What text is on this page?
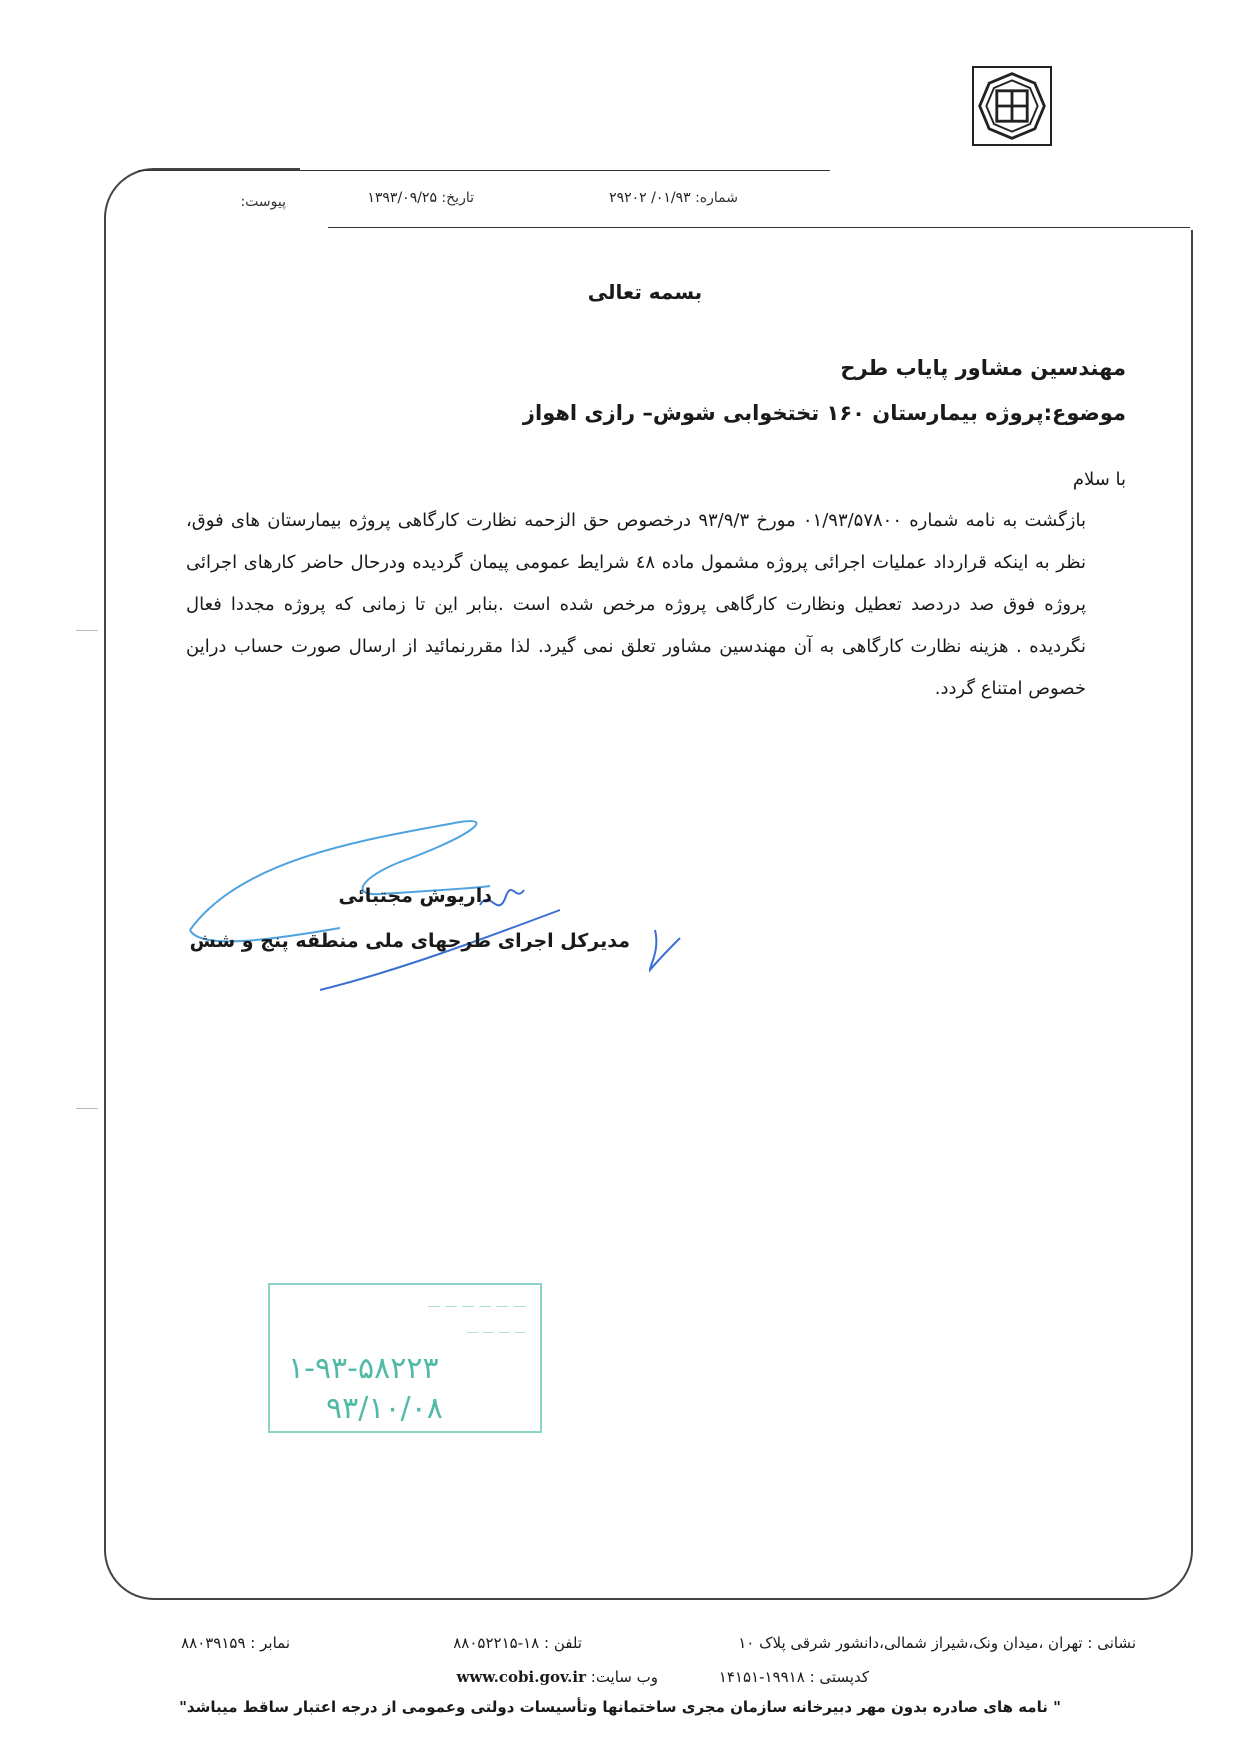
شماره: ۰۱/۹۳/ ۲۹۲۰۲
تاریخ: ۱۳۹۳/۰۹/۲۵
پیوست:
بسمه تعالی
مهندسین مشاور پایاب طرح
موضوع:پروژه بیمارستان ۱۶۰ تختخوابی شوش– رازی اهواز
با سلام
بازگشت به نامه شماره ۰۱/۹۳/۵۷۸۰۰ مورخ ۹۳/۹/۳ درخصوص حق الزحمه نظارت کارگاهی پروژه بیمارستان های فوق، نظر به اینکه قرارداد عملیات اجرائی پروژه مشمول ماده ٤٨ شرایط عمومی پیمان گردیده ودرحال حاضر کارهای اجرائی پروژه فوق صد دردصد تعطیل ونظارت کارگاهی پروژه مرخص شده است .بنابر این تا زمانی که پروژه مجددا فعال نگردیده . هزینه نظارت کارگاهی به آن مهندسین مشاور تعلق نمی گیرد. لذا مقررنمائید از ارسال صورت حساب دراین خصوص امتناع گردد.
داریوش مجتبائی
مدیرکل اجرای طرحهای ملی منطقه پنج و شش
— — — — — —
— — — —
۱-۹۳-۵۸۲۲۳
۹۳/۱۰/۰۸
نشانی : تهران ،میدان ونک،شیراز شمالی،دانشور شرقی پلاک ۱۰
تلفن : ۱۸-۸۸۰۵۲۲۱۵
نمابر : ۸۸۰۳۹۱۵۹
کدپستی : ۱۹۹۱۸-۱۴۱۵۱
وب سایت: www.cobi.gov.ir
" نامه های صادره بدون مهر دبیرخانه سازمان مجری ساختمانها وتأسیسات دولتی وعمومی از درجه اعتبار ساقط میباشد"
